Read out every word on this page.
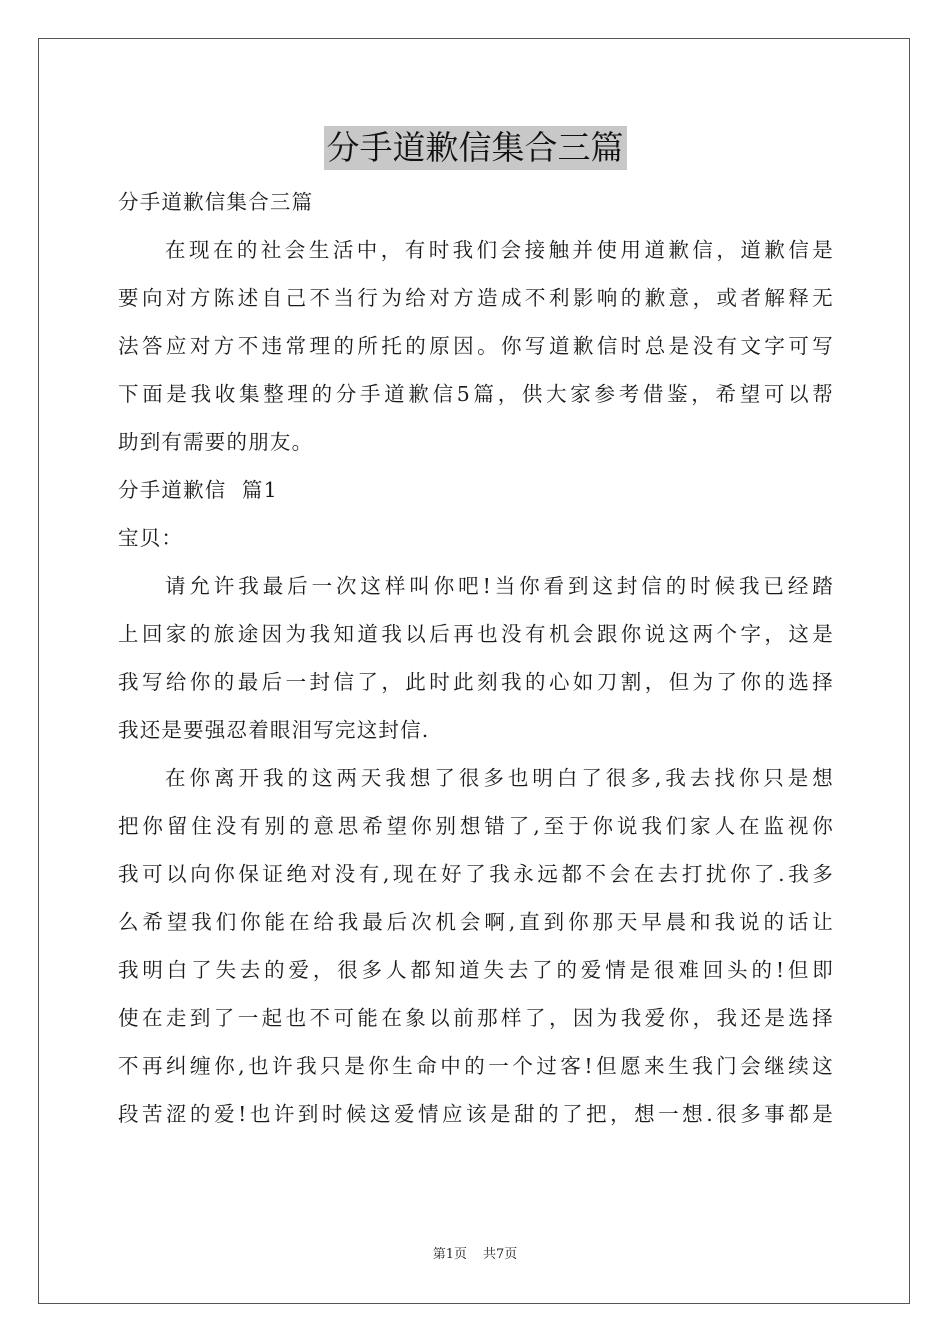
分手道歉信集合三篇
分手道歉信集合三篇
在现在的社会生活中，有时我们会接触并使用道歉信，道歉信是
要向对方陈述自己不当行为给对方造成不利影响的歉意，或者解释无
法答应对方不违常理的所托的原因。你写道歉信时总是没有文字可写
下面是我收集整理的分手道歉信5篇，供大家参考借鉴，希望可以帮
助到有需要的朋友。
分手道歉信  篇1
宝贝：
请允许我最后一次这样叫你吧!当你看到这封信的时候我已经踏
上回家的旅途因为我知道我以后再也没有机会跟你说这两个字，这是
我写给你的最后一封信了，此时此刻我的心如刀割，但为了你的选择
我还是要强忍着眼泪写完这封信.
在你离开我的这两天我想了很多也明白了很多,我去找你只是想
把你留住没有别的意思希望你别想错了,至于你说我们家人在监视你
我可以向你保证绝对没有,现在好了我永远都不会在去打扰你了.我多
么希望我们你能在给我最后次机会啊,直到你那天早晨和我说的话让
我明白了失去的爱，很多人都知道失去了的爱情是很难回头的!但即
使在走到了一起也不可能在象以前那样了，因为我爱你，我还是选择
不再纠缠你,也许我只是你生命中的一个过客!但愿来生我门会继续这
段苦涩的爱!也许到时候这爱情应该是甜的了把，想一想.很多事都是
第1页 共7页
